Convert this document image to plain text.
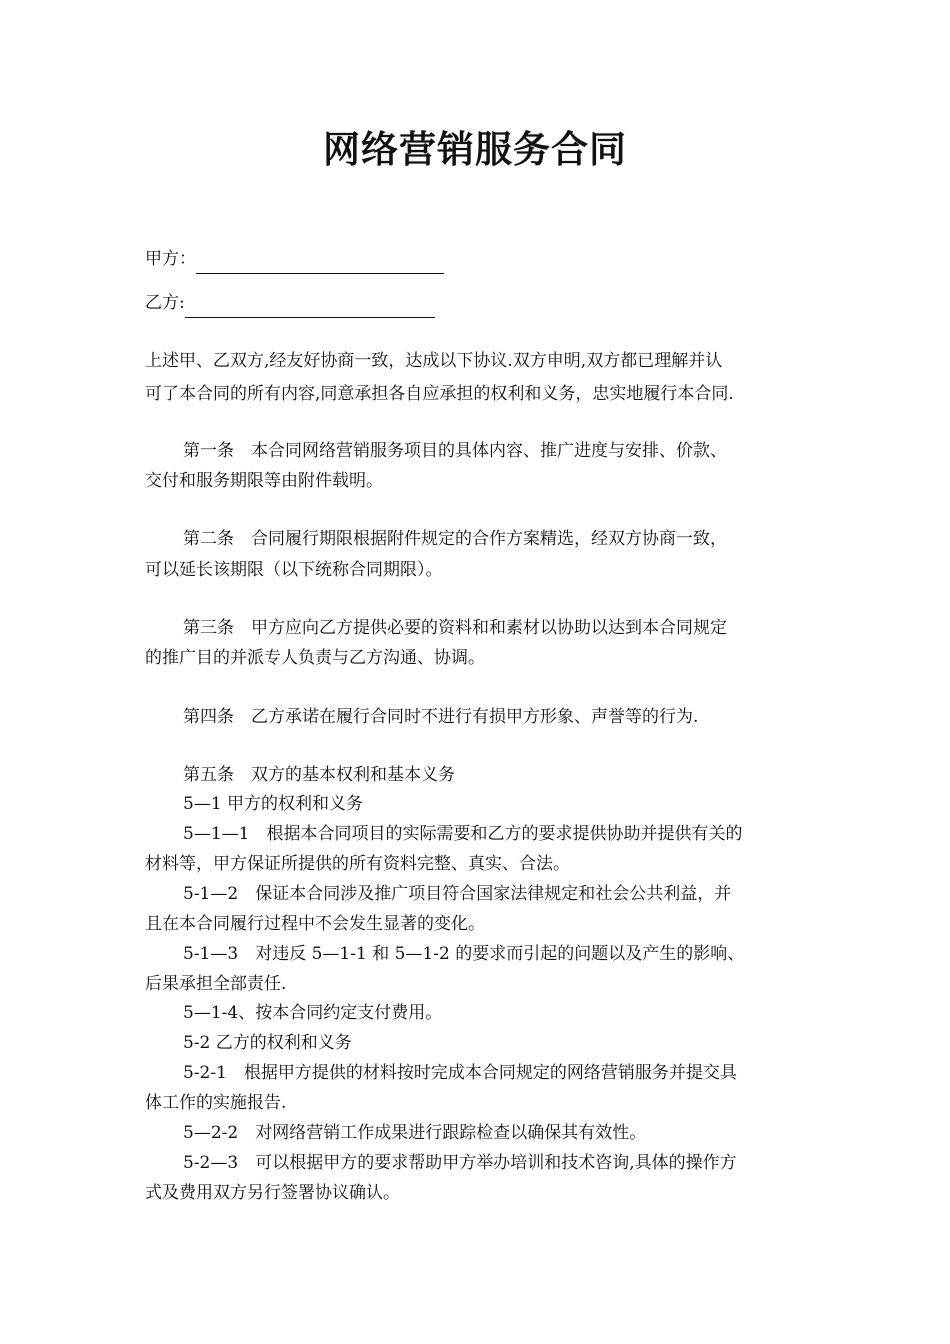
网络营销服务合同
甲方：
乙方:
上述甲、乙双方,经友好协商一致，达成以下协议.双方申明,双方都已理解并认
可了本合同的所有内容,同意承担各自应承担的权利和义务，忠实地履行本合同.
第一条　本合同网络营销服务项目的具体内容、推广进度与安排、价款、
交付和服务期限等由附件载明。
第二条　合同履行期限根据附件规定的合作方案精选，经双方协商一致，
可以延长该期限（以下统称合同期限）。
第三条　甲方应向乙方提供必要的资料和和素材以协助以达到本合同规定
的推广目的并派专人负责与乙方沟通、协调。
第四条　乙方承诺在履行合同时不进行有损甲方形象、声誉等的行为.
第五条　双方的基本权利和基本义务
5—1 甲方的权利和义务
5—1—1　根据本合同项目的实际需要和乙方的要求提供协助并提供有关的
材料等，甲方保证所提供的所有资料完整、真实、合法。
5-1—2　保证本合同涉及推广项目符合国家法律规定和社会公共利益，并
且在本合同履行过程中不会发生显著的变化。
5-1—3　对违反 5—1-1 和 5—1-2 的要求而引起的问题以及产生的影响、
后果承担全部责任.
5—1-4、按本合同约定支付费用。
5-2 乙方的权利和义务
5-2-1　根据甲方提供的材料按时完成本合同规定的网络营销服务并提交具
体工作的实施报告.
5—2-2　对网络营销工作成果进行跟踪检查以确保其有效性。
5-2—3　可以根据甲方的要求帮助甲方举办培训和技术咨询,具体的操作方
式及费用双方另行签署协议确认。
